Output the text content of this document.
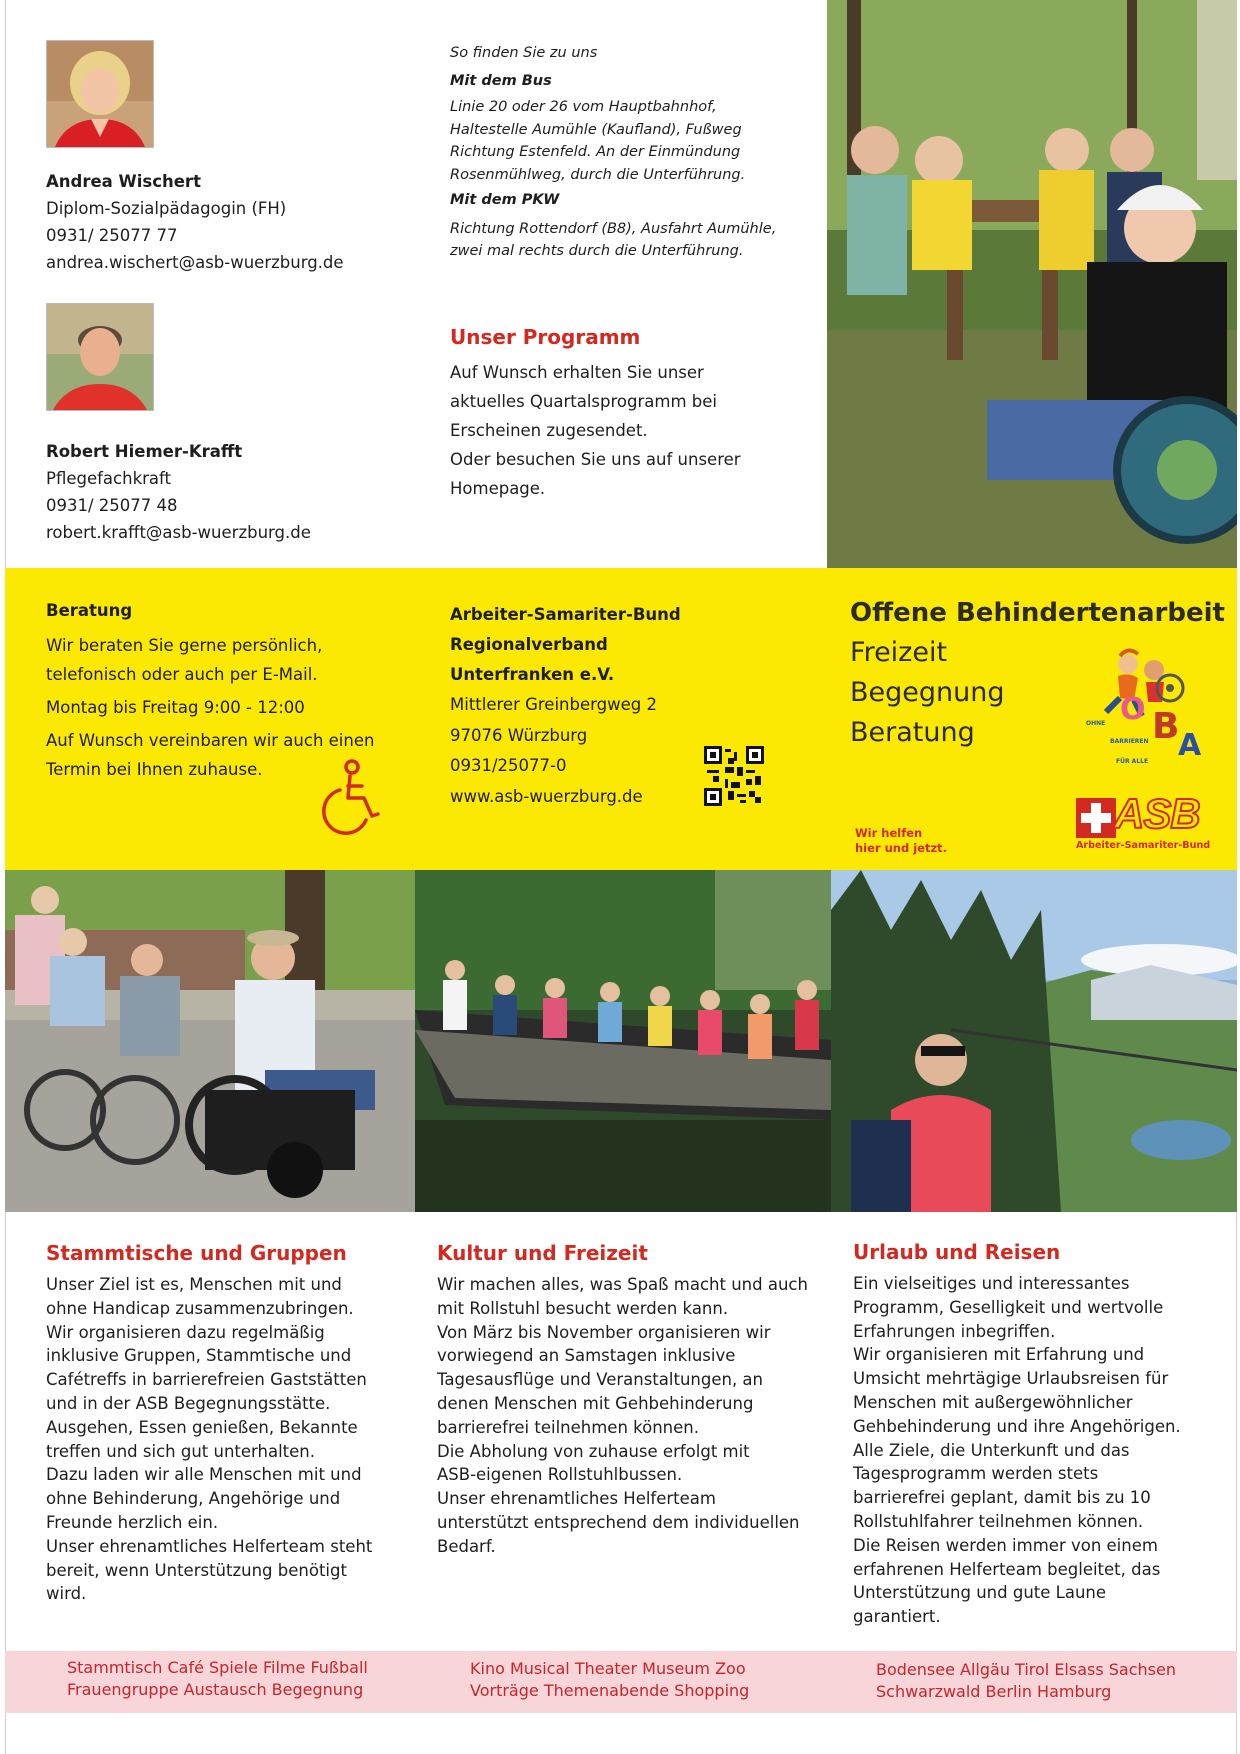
Andrea Wischert
Diplom-Sozialpädagogin (FH)
0931/ 25077 77
andrea.wischert@asb-wuerzburg.de
Robert Hiemer-Krafft
Pflegefachkraft
0931/ 25077 48
robert.krafft@asb-wuerzburg.de
So finden Sie zu uns
Mit dem Bus
Linie 20 oder 26 vom Hauptbahnhof,
Haltestelle Aumühle (Kaufland), Fußweg
Richtung Estenfeld. An der Einmündung
Rosenmühlweg, durch die Unterführung.
Mit dem PKW
Richtung Rottendorf (B8), Ausfahrt Aumühle,
zwei mal rechts durch die Unterführung.
Unser Programm
Auf Wunsch erhalten Sie unser
aktuelles Quartalsprogramm bei
Erscheinen zugesendet.
Oder besuchen Sie uns auf unserer
Homepage.
Beratung
Wir beraten Sie gerne persönlich,
telefonisch oder auch per E-Mail.
Montag bis Freitag 9:00 - 12:00
Auf Wunsch vereinbaren wir auch einen
Termin bei Ihnen zuhause.
Arbeiter-Samariter-Bund
Regionalverband
Unterfranken e.V.
Mittlerer Greinbergweg 2
97076 Würzburg
0931/25077-0
www.asb-wuerzburg.de
Offene Behindertenarbeit
Freizeit
Begegnung
Beratung
O B
A
OHNE
BARRIEREN
FÜR ALLE
Wir helfen
hier und jetzt.
ASB
Arbeiter-Samariter-Bund
Stammtische und Gruppen
Unser Ziel ist es, Menschen mit und
ohne Handicap zusammenzubringen.
Wir organisieren dazu regelmäßig
inklusive Gruppen, Stammtische und
Cafétreffs in barrierefreien Gaststätten
und in der ASB Begegnungsstätte.
Ausgehen, Essen genießen, Bekannte
treffen und sich gut unterhalten.
Dazu laden wir alle Menschen mit und
ohne Behinderung, Angehörige und
Freunde herzlich ein.
Unser ehrenamtliches Helferteam steht
bereit, wenn Unterstützung benötigt
wird.
Kultur und Freizeit
Wir machen alles, was Spaß macht und auch
mit Rollstuhl besucht werden kann.
Von März bis November organisieren wir
vorwiegend an Samstagen inklusive
Tagesausflüge und Veranstaltungen, an
denen Menschen mit Gehbehinderung
barrierefrei teilnehmen können.
Die Abholung von zuhause erfolgt mit
ASB-eigenen Rollstuhlbussen.
Unser ehrenamtliches Helferteam
unterstützt entsprechend dem individuellen
Bedarf.
Urlaub und Reisen
Ein vielseitiges und interessantes
Programm, Geselligkeit und wertvolle
Erfahrungen inbegriffen.
Wir organisieren mit Erfahrung und
Umsicht mehrtägige Urlaubsreisen für
Menschen mit außergewöhnlicher
Gehbehinderung und ihre Angehörigen.
Alle Ziele, die Unterkunft und das
Tagesprogramm werden stets
barrierefrei geplant, damit bis zu 10
Rollstuhlfahrer teilnehmen können.
Die Reisen werden immer von einem
erfahrenen Helferteam begleitet, das
Unterstützung und gute Laune
garantiert.
Stammtisch Café Spiele Filme Fußball
Frauengruppe Austausch Begegnung
Kino Musical Theater Museum Zoo
Vorträge Themenabende Shopping
Bodensee Allgäu Tirol Elsass Sachsen
Schwarzwald Berlin Hamburg
